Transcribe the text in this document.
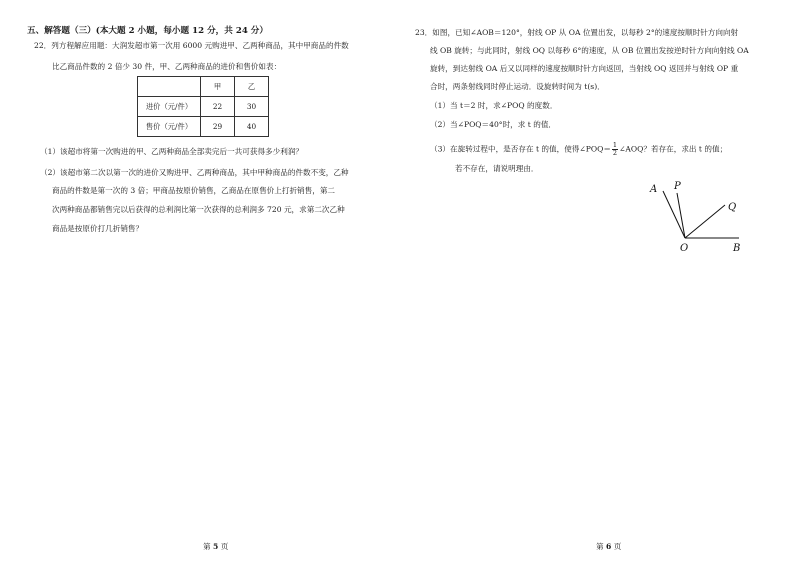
五、解答题（三）(本大题 2 小题，每小题 12 分，共 24 分）
22．列方程解应用题：大润发超市第一次用 6000 元购进甲、乙两种商品，其中甲商品的件数
比乙商品件数的 2 倍少 30 件，甲、乙两种商品的进价和售价如表：
	甲	乙
进价（元/件）	22	30
售价（元/件）	29	40
（1）该超市将第一次购进的甲、乙两种商品全部卖完后一共可获得多少利润？
（2）该超市第二次以第一次的进价又购进甲、乙两种商品，其中甲种商品的件数不变，乙种
商品的件数是第一次的 3 倍；甲商品按原价销售，乙商品在原售价上打折销售，第二
次两种商品都销售完以后获得的总利润比第一次获得的总利润多 720 元，求第二次乙种
商品是按原价打几折销售？
第 5 页
23．如图，已知∠AOB＝120°，射线 OP 从 OA 位置出发，以每秒 2°的速度按顺时针方向向射
线 OB 旋转；与此同时，射线 OQ 以每秒 6°的速度，从 OB 位置出发按逆时针方向向射线 OA
旋转，到达射线 OA 后又以同样的速度按顺时针方向返回，当射线 OQ 返回并与射线 OP 重
合时，两条射线同时停止运动．设旋转时间为 t(s)．
（1）当 t＝2 时，求∠POQ 的度数．
（2）当∠POQ＝40°时，求 t 的值．
（3）在旋转过程中，是否存在 t 的值，使得∠POQ＝ $\frac{1}{2}$ ∠AOQ？若存在，求出 t 的值；
若不存在，请说明理由．
A P
Q
O	B
第 6 页
